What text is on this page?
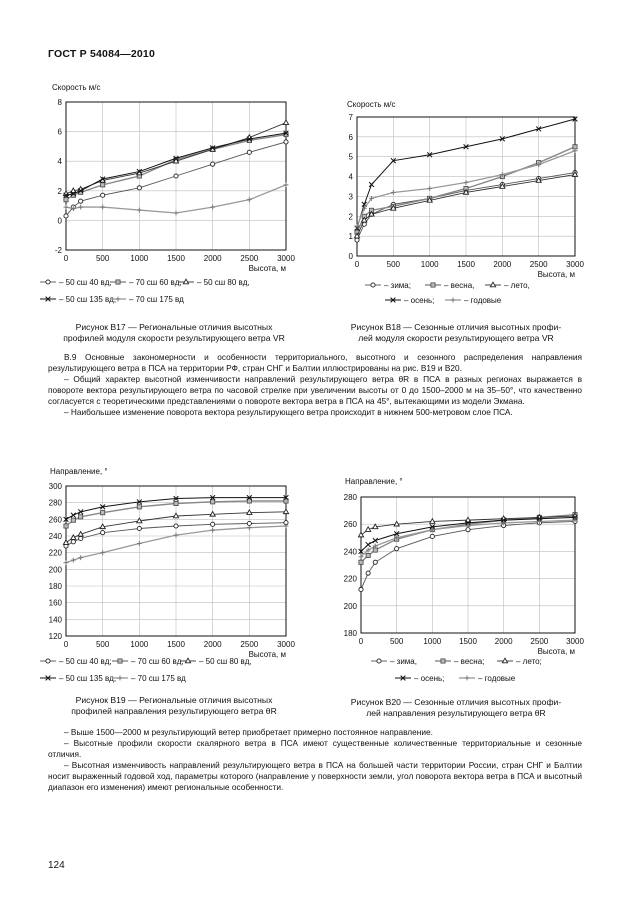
ГОСТ Р 54084—2010
-2
0
2
4
6
8
0	500	1000 1500 2000 2500 3000
Скорость м/с
Высота, м
– 50 сш 40 вд, – 70 сш 60 вд, – 50 сш 80 вд,
– 50 сш 135 вд, – 70 сш 175 вд
0
1
2
3
4
5
6
7
0	500	1000 1500 2000 2500 3000
Скорость м/с
Высота, м
– зима;	– весна,	– лето,
– осень;	– годовые
Рисунок В17 — Региональные отличия высотных
профилей модуля скорости результирующего ветра VR
Рисунок В18 — Сезонные отличия высотных профи-
лей модуля скорости результирующего ветра VR

В.9 Основные закономерности и особенности территориального, высотного и сезонного распределения направления результирующего ветра в ПСА на территории РФ, стран СНГ и Балтии иллюстрированы на рис. В19 и В20.

– Общий характер высотной изменчивости направлений результирующего ветра θR в ПСА в разных регионах выражается в повороте вектора результирующего ветра по часовой стрелке при увеличении высоты от 0 до 1500–2000 м на 35–50°, что качественно согласуется с теоретическими представлениями о повороте вектора ветра в ПСА на 45°, вытекающими из модели Экмана.

– Наибольшее изменение поворота вектора результирующего ветра происходит в нижнем 500-метровом слое ПСА.

120
140
160
180
200
220
240
260
280
300
0	500	1000 1500 2000 2500 3000
Направление, °
Высота, м
– 50 сш 40 вд; – 70 сш 60 вд, – 50 сш 80 вд,
– 50 сш 135 вд, – 70 сш 175 вд
180
200
220
240
260
280
0	500	1000 1500 2000 2500 3000
Направление, °
Высота, м
– зима,	– весна;	– лето;
– осень;	– годовые
Рисунок В19 — Региональные отличия высотных
профилей направления результирующего ветра θR
Рисунок В20 — Сезонные отличия высотных профи-
лей направления результирующего ветра θR

– Выше 1500—2000 м результирующий ветер приобретает примерно постоянное направление.

– Высотные профили скорости скалярного ветра в ПСА имеют существенные количественные территориальные и сезонные отличия.

– Высотная изменчивость направлений результирующего ветра в ПСА на большей части территории России, стран СНГ и Балтии носит выраженный годовой ход, параметры которого (направление у поверхности земли, угол поворота вектора ветра в ПСА и высотный диапазон его изменения) имеют региональные особенности.

124
